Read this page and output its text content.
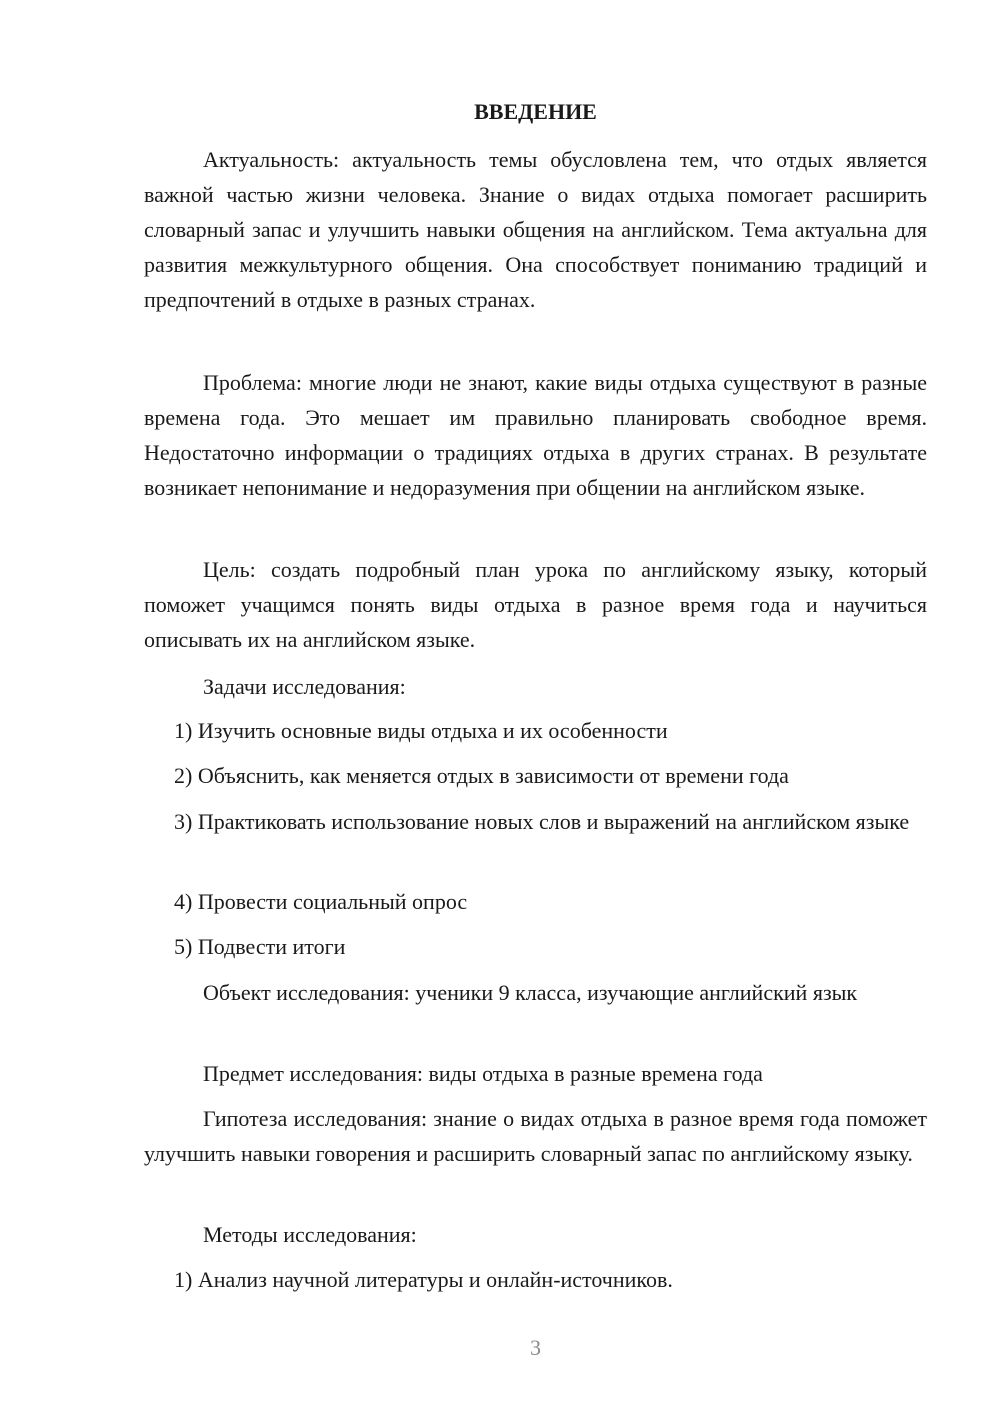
ВВЕДЕНИЕ

Актуальность: актуальность темы обусловлена тем, что отдых является важной частью жизни человека. Знание о видах отдыха помогает расширить словарный запас и улучшить навыки общения на английском. Тема актуальна для развития межкультурного общения. Она способствует пониманию традиций и предпочтений в отдыхе в разных странах.

Проблема: многие люди не знают, какие виды отдыха существуют в разные времена года. Это мешает им правильно планировать свободное время. Недостаточно информации о традициях отдыха в других странах. В результате возникает непонимание и недоразумения при общении на английском языке.

Цель: создать подробный план урока по английскому языку, который поможет учащимся понять виды отдыха в разное время года и научиться описывать их на английском языке.

Задачи исследования:

1) Изучить основные виды отдыха и их особенности

2) Объяснить, как меняется отдых в зависимости от времени года

3) Практиковать использование новых слов и выражений на английском языке

4) Провести социальный опрос

5) Подвести итоги

Объект исследования: ученики 9 класса, изучающие английский язык

Предмет исследования: виды отдыха в разные времена года

Гипотеза исследования: знание о видах отдыха в разное время года поможет улучшить навыки говорения и расширить словарный запас по английскому языку.

Методы исследования:

1) Анализ научной литературы и онлайн-источников.

3
